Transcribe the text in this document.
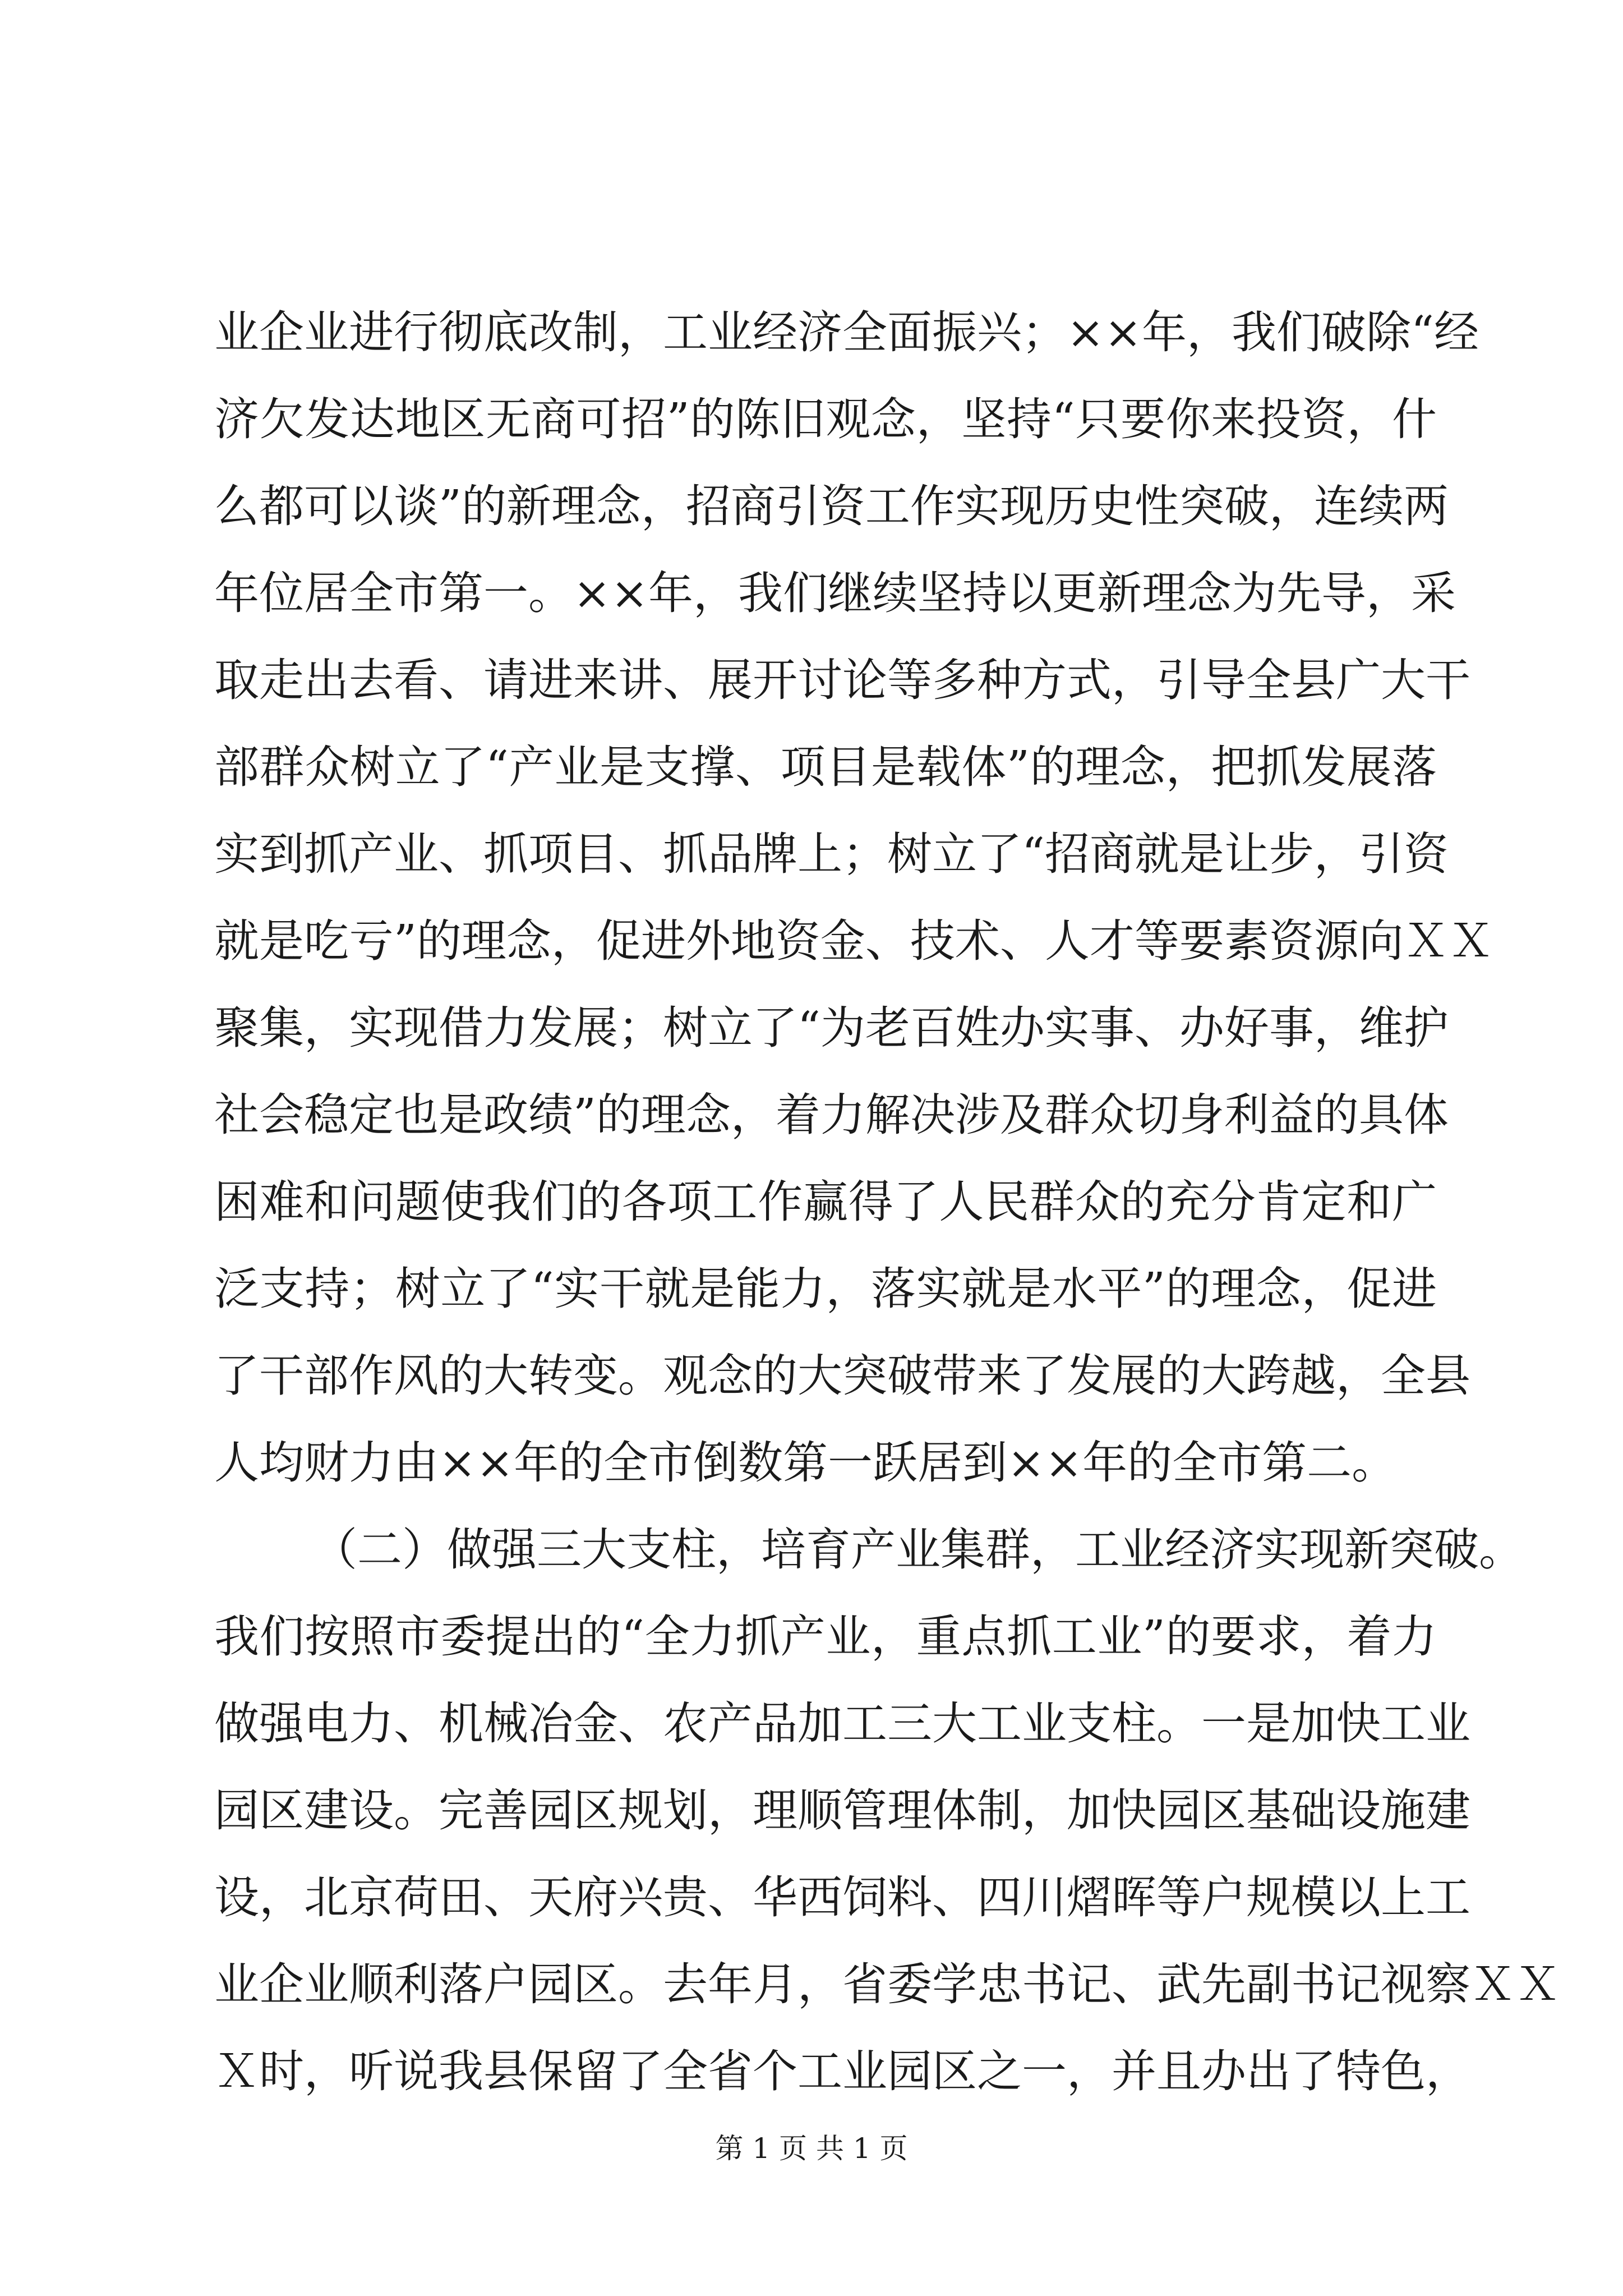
业企业进行彻底改制，工业经济全面振兴；××年，我们破除“经
济欠发达地区无商可招”的陈旧观念，坚持“只要你来投资，什
么都可以谈”的新理念，招商引资工作实现历史性突破，连续两
年位居全市第一。××年，我们继续坚持以更新理念为先导，采
取走出去看、请进来讲、展开讨论等多种方式，引导全县广大干
部群众树立了“产业是支撑、项目是载体”的理念，把抓发展落
实到抓产业、抓项目、抓品牌上；树立了“招商就是让步，引资
就是吃亏”的理念，促进外地资金、技术、人才等要素资源向ＸＸ
聚集，实现借力发展；树立了“为老百姓办实事、办好事，维护
社会稳定也是政绩”的理念，着力解决涉及群众切身利益的具体
困难和问题使我们的各项工作赢得了人民群众的充分肯定和广
泛支持；树立了“实干就是能力，落实就是水平”的理念，促进
了干部作风的大转变。观念的大突破带来了发展的大跨越，全县
人均财力由××年的全市倒数第一跃居到××年的全市第二。
（二）做强三大支柱，培育产业集群，工业经济实现新突破。
我们按照市委提出的“全力抓产业，重点抓工业”的要求，着力
做强电力、机械冶金、农产品加工三大工业支柱。一是加快工业
园区建设。完善园区规划，理顺管理体制，加快园区基础设施建
设，北京荷田、天府兴贵、华西饲料、四川熠晖等户规模以上工
业企业顺利落户园区。去年月，省委学忠书记、武先副书记视察ＸＸ
Ｘ时，听说我县保留了全省个工业园区之一，并且办出了特色，
第 1 页 共 1 页
